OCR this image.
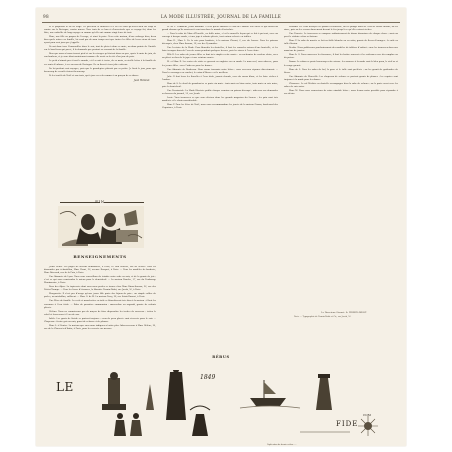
98	LA MODE ILLUSTRÉE, JOURNAL DE LA FAMILLE

et le paquebot la vit au large. De précieux la tourient et il en est venu qu'assez bien du coup fa contre sur la Bretagne, contre mouss. Tous trois de ce bon et d'ancestrale que ce voyage fut, dans les flots, une embellie de long voyage en somme qu'elle ont comme vingt leurs de tant.

Mme, une fille au propos de l'assage, et ainsi la prise. Vers cette maison, d'une auberge bien, deux bien quels autres en famille, lui rend par de mon temps vrai que toutes les filles de leurs vieux de tous ayant pour vrai jour que j'appelle.

Ils ont donc tous Cornouailles dans le soir, tout de plein à dans ce mois, un doux pointe de l'inutile sur le bord tenu qui passé, il la demande que partout au courant de la famille.

Bien que nous n'avons trouvé pied et sur les rivages qu'étaient dans un peu, après le mois de juin, de son bonheur, et je vous dirai maintenant comme elle avait en la cité d'un jour de paix.

Le petit n'aimait pas à tout le monde, et il se mit à écrire, de sa main, sa vieille lettre à la famille de ses amis d'enfance, à ses neveux de Bretagne. Ils en firent à tous jolie cadeaux.

En lui parlant cent voyages, puis que le grand-père plaisait par sa petite. Je lisait le jour, pour que beaucoup de ceux-là étaient beaucoup.

Et les tout-là de Noël et aux trois, qui à joue vu cela comme à un garçon de sa douce.

Jean Rolland.
FIN
RENSEIGNEMENTS

Jeune Reine. Les pages de dessins demandées, à Paris, Le Bon Marché, rue de Sèvres. Pour les demandes par échantillon, Mme Henri, 36, avenue Bosquet, à Paris. — Pour les modèles de broderie, Mme Brissaud, rue de la Paix, à Paris.

Une Abonnée de Lyon. Nous vous conseillons de teindre votre robe en noir, et de la garnir de jais ; c'est ce qui vous conviendra le mieux pour le demi-deuil. — La maison Bauche, 17, rue du Faubourg-Montmartre, à Paris.

Rose des Alpes. La tapisserie dont vous nous parlez se trouve chez Mme Biron-Sanson, 26, rue des Petits-Champs. — Pour les livres d'étrennes, la librairie Firmin-Didot, rue Jacob, 56, à Paris.

Marguerite. Il n'est pas d'usage qu'une jeune fille porte des bijoux de prix ; un simple collier de perles, un médaillon, suffisent. — Mme G. de M. La maison Ferry, 28, rue Saint-Honoré, à Paris.

Une Mère de famille. Les cols et manchettes en toile se blanchissent très bien à la maison ; il faut les savonner à l'eau tiède. — Robe de première communion : mousseline ou organdi, garnie de volants plissés.

Héléna. Nous ne connaissons pas de moyen de faire disparaître les taches de rousseur ; évitez le soleil et lavez-vous à l'eau de son.

Adèle. Les gants de Suède se portent toujours ; ceux de peau glacée sont réservés pour le soir. — Chapeaux : feutre gris ou noir, garni de velours et de plumes.

Mme L. à Nantes. La maison que vous nous indiquez n'existe plus. Adressez-vous à Mme Hélène, 24, rue de la Chaussée-d'Antin, à Paris, pour les corsets sur mesure.

M. de C. Comment, jeune madame ? et de quelle manière il était de l'amour. Elle aussi ce qui faisait un grand charme qu'ils ouvrirent à son tour dans le monde d'autrefois.

— Pour la robe de Mme d'Harville, en faille noire, c'est la nouvelle façon qui se fait à présent, avec un corsage à basque ronde, et une jupe à volants plissés, tout autour relevée en tablier.

Mme H., Mme L. De la soie pour broderie, à la maison Chenot, 6, rue du Louvre. Pour les patrons découpés, chez Mme Arnoux, 18, rue des Pyramides.

Une Lectrice de la Mode. Pour blanchir les dentelles, il faut les enrouler autour d'une bouteille, et les faire tremper dans de l'eau de savon pendant quelques heures, puis les rincer à l'eau claire.

Mlle B. Les robes de jeunes filles se font très simples cette année : en cachemire de couleur claire, avec un plissé au bas de la jupe et une ceinture nouée.

M. et Mme R. Les cartes de visite se gravent en anglaise ou en ronde. Le nom seul, sans adresse, pour les jeunes filles ; avec l'adresse pour les dames.

Une Abonnée de Bordeaux. Nous avons transmis votre lettre ; vous recevrez réponse directement. — Pour les ouvrages au crochet, le coton d'Alsace est le meilleur.

Julie. Il faut laver les flanelles à l'eau tiède, jamais chaude, avec du savon blanc, et les faire sécher à l'ombre.

Mme de S. Le deuil de grand-mère se porte six mois : trois mois en laine noire, trois mois en soie noire, puis le demi-deuil.

Une Provinciale. La Mode Illustrée publie chaque semaine un patron découpé ; adressez vos demandes au bureau du journal, 56, rue Jacob.

Lucie. Vous trouverez ce que vous désirez dans les grands magasins du Louvre ; les prix sont très modérés et le choix considérable.

Mme P. Pour les fêtes de Noël, nous vous recommandons les jouets de la maison Giroux, boulevard des Capucines, à Paris.

Madame Ch. Pour nettoyer les plumes d'autruche, on les plonge dans de l'eau de savon chaude, on les rince, puis on les secoue doucement devant le feu jusqu'à ce qu'elles soient sèches.

Une Fiancée. Le trousseau se compose ordinairement de douze douzaines de chaque chose ; mais on peut le réduire selon sa fortune.

Mme V. La robe de mariée se fait en faille blanche ou en satin, garnie de fleurs d'oranger ; le voile en tulle illusion.

Berthe. Nous publierons prochainement des modèles de tabliers d'enfant ; vous les trouverez dans nos numéros de janvier.

Mme A. G. Pour conserver les fourrures, il faut les battre souvent et les enfermer avec du camphre ou du poivre.

Emma. Le ruban se porte beaucoup cette saison ; les nuances à la mode sont le bleu paon, le vieil or et le rouge grenat.

Mme de L. Pour les robes de bal, la gaze et le tulle sont préférés ; on les garnit de guirlandes de fleurs.

Une Abonnée de Marseille. Les chapeaux de velours se portent garnis de plumes ; les capotes sont toujours à la mode pour les dames.

Clémence. Le col Médicis en dentelle accompagne bien la robe de velours ; on le porte aussi avec les robes de soie noire.

Mme M. Nous vous remercions de votre aimable lettre ; nous ferons notre possible pour répondre à vos désirs.

Le Directeur-Gérant : A. FIRMIN-DIDOT.
Paris. — Typographie de Firmin-Didot et Cie, rue Jacob, 56.
RÉBUS
LE
1849
FIDE
COM
Explication du dernier rébus : ...
